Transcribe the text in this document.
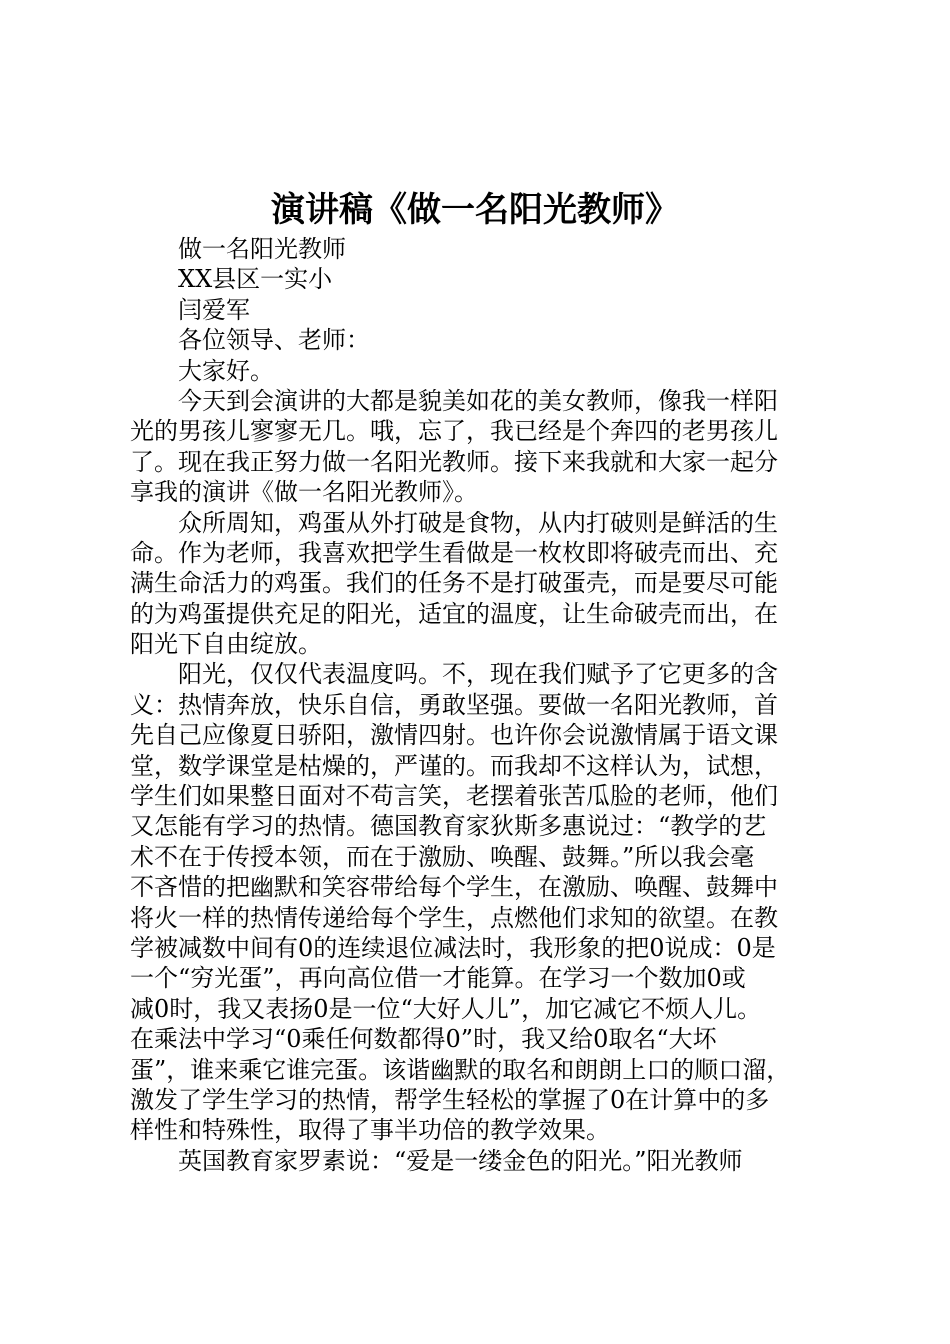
演讲稿《做一名阳光教师》

做一名阳光教师

XX县区一实小

闫爱军

各位领导、老师：

大家好。

今天到会演讲的大都是貌美如花的美女教师，像我一样阳

光的男孩儿寥寥无几。哦，忘了，我已经是个奔四的老男孩儿

了。现在我正努力做一名阳光教师。接下来我就和大家一起分

享我的演讲《做一名阳光教师》。

众所周知，鸡蛋从外打破是食物，从内打破则是鲜活的生

命。作为老师，我喜欢把学生看做是一枚枚即将破壳而出、充

满生命活力的鸡蛋。我们的任务不是打破蛋壳，而是要尽可能

的为鸡蛋提供充足的阳光，适宜的温度，让生命破壳而出，在

阳光下自由绽放。

阳光，仅仅代表温度吗。不，现在我们赋予了它更多的含

义：热情奔放，快乐自信，勇敢坚强。要做一名阳光教师，首

先自己应像夏日骄阳，激情四射。也许你会说激情属于语文课

堂，数学课堂是枯燥的，严谨的。而我却不这样认为，试想，

学生们如果整日面对不苟言笑，老摆着张苦瓜脸的老师，他们

又怎能有学习的热情。德国教育家狄斯多惠说过：“教学的艺

术不在于传授本领，而在于激励、唤醒、鼓舞。”所以我会毫

不吝惜的把幽默和笑容带给每个学生，在激励、唤醒、鼓舞中

将火一样的热情传递给每个学生，点燃他们求知的欲望。在教

学被减数中间有0的连续退位减法时，我形象的把0说成：0是

一个“穷光蛋”，再向高位借一才能算。在学习一个数加0或

减0时，我又表扬0是一位“大好人儿”，加它减它不烦人儿。

在乘法中学习“0乘任何数都得0”时，我又给0取名“大坏

蛋”，谁来乘它谁完蛋。该谐幽默的取名和朗朗上口的顺口溜，

激发了学生学习的热情，帮学生轻松的掌握了0在计算中的多

样性和特殊性，取得了事半功倍的教学效果。

英国教育家罗素说：“爱是一缕金色的阳光。”阳光教师
